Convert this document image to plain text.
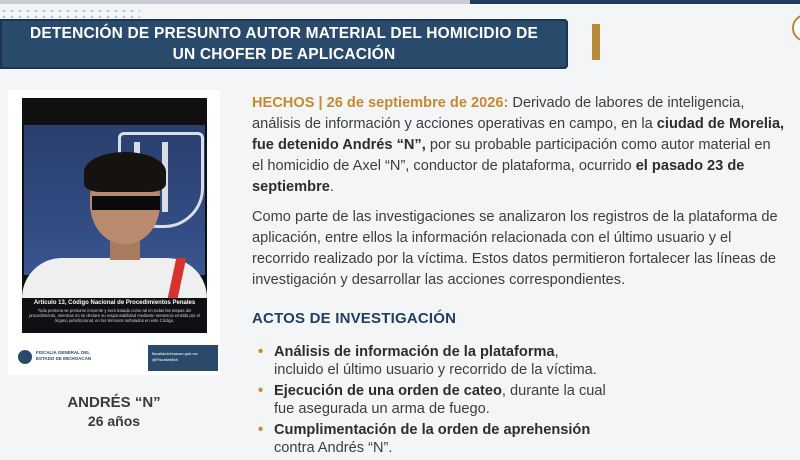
DETENCIÓN DE PRESUNTO AUTOR MATERIAL DEL HOMICIDIO DE
UN CHOFER DE APLICACIÓN
Artículo 13, Código Nacional de Procedimientos Penales
Toda persona se presume inocente y será tratada como tal en todas las etapas del procedimiento, mientras no se declare su responsabilidad mediante sentencia emitida por el órgano jurisdiccional, en los términos señalados en este Código.
FISCALÍA GENERAL DEL
ESTADO DE MICHOACÁN
fiscaliamichoacan.gob.mx
@FiscaliaMich
ANDRÉS “N”
26 años
HECHOS | 26 de septiembre de 2026: Derivado de labores de inteligencia,
análisis de información y acciones operativas en campo, en la ciudad de Morelia,
fue detenido Andrés “N”, por su probable participación como autor material en
el homicidio de Axel “N”, conductor de plataforma, ocurrido el pasado 23 de
septiembre.
Como parte de las investigaciones se analizaron los registros de la plataforma de
aplicación, entre ellos la información relacionada con el último usuario y el
recorrido realizado por la víctima. Estos datos permitieron fortalecer las líneas de
investigación y desarrollar las acciones correspondientes.
ACTOS DE INVESTIGACIÓN
• Análisis de información de la plataforma,
incluido el último usuario y recorrido de la víctima.
• Ejecución de una orden de cateo, durante la cual
fue asegurada un arma de fuego.
• Cumplimentación de la orden de aprehensión
contra Andrés “N”.
